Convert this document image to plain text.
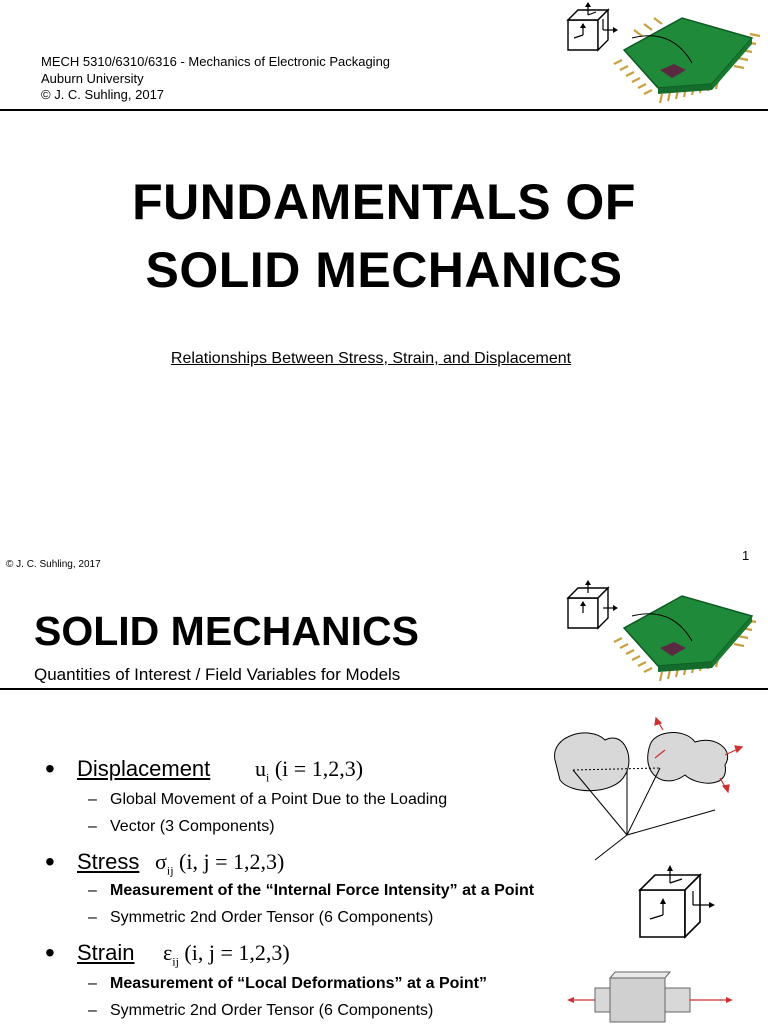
MECH 5310/6310/6316 - Mechanics of Electronic Packaging
Auburn University
© J. C. Suhling, 2017
FUNDAMENTALS OF
SOLID MECHANICS
Relationships Between Stress, Strain, and Displacement
© J. C. Suhling, 2017
1
SOLID MECHANICS
Quantities of Interest / Field Variables for Models
• Displacement $u_i$ (i = 1,2,3)
– Global Movement of a Point Due to the Loading
– Vector (3 Components)
• Stress $\sigma_{ij}$ (i, j = 1,2,3)
– Measurement of the “Internal Force Intensity” at a Point
– Symmetric 2nd Order Tensor (6 Components)
• Strain $\varepsilon_{ij}$ (i, j = 1,2,3)
– Measurement of “Local Deformations” at a Point”
– Symmetric 2nd Order Tensor (6 Components)
